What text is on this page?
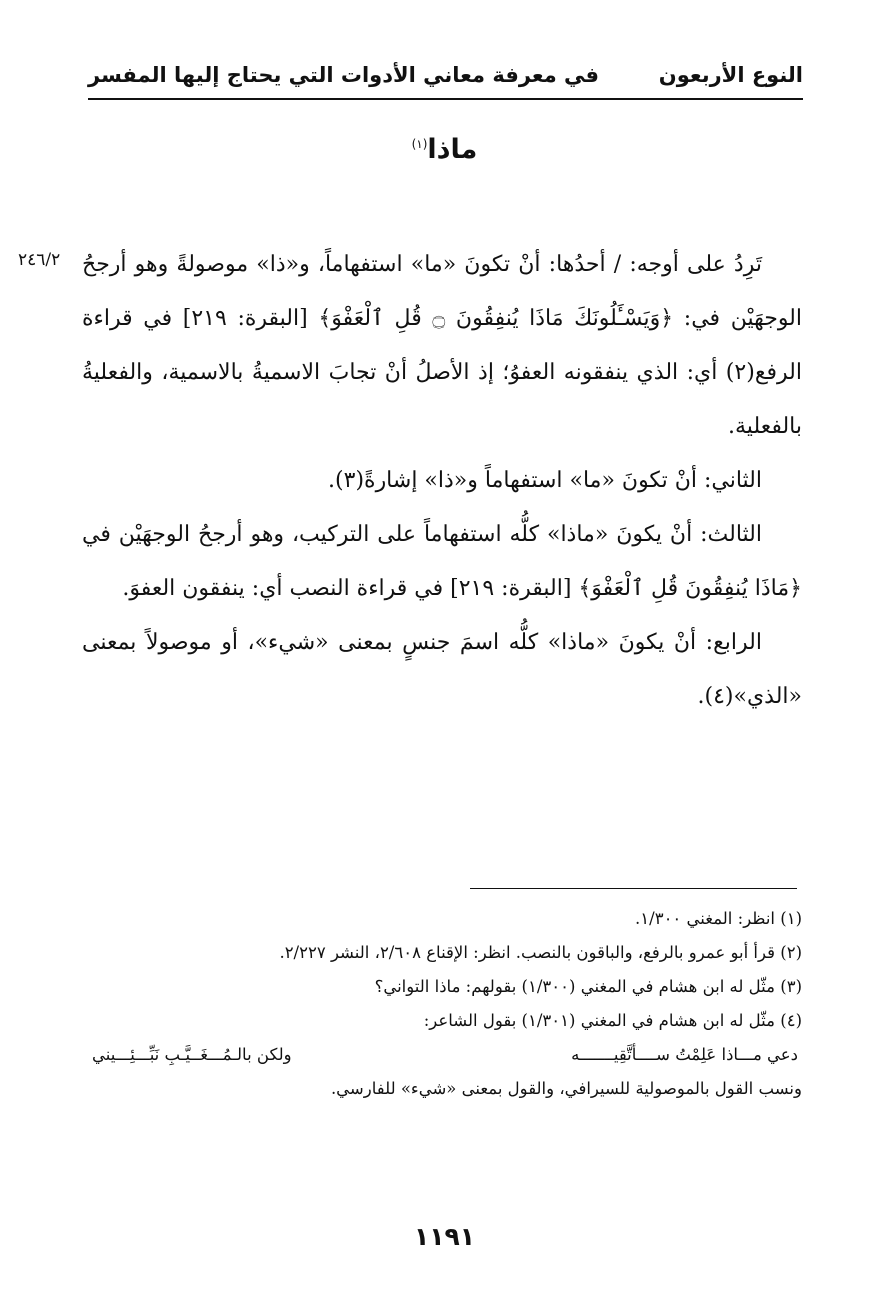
النوع الأربعون
في معرفة معاني الأدوات التي يحتاج إليها المفسر
ماذا$^{(١)}$
٢٤٦/٢ تَرِدُ على أوجه: / أحدُها: أنْ تكونَ «ما» استفهاماً، و«ذا» موصولةً وهو أرجحُ الوجهَيْن في: ﴿وَيَسْـَٔلُونَكَ مَاذَا يُنفِقُونَ ۝ قُلِ ٱلْعَفْوَ﴾ [البقرة: ٢١٩] في قراءة الرفع(٢) أي: الذي ينفقونه العفوُ؛ إذ الأصلُ أنْ تجابَ الاسميةُ بالاسمية، والفعليةُ بالفعلية.

الثاني: أنْ تكونَ «ما» استفهاماً و«ذا» إشارةً(٣).

الثالث: أنْ يكونَ «ماذا» كلُّه استفهاماً على التركيب، وهو أرجحُ الوجهَيْن في ﴿مَاذَا يُنفِقُونَ قُلِ ٱلْعَفْوَ﴾ [البقرة: ٢١٩] في قراءة النصب أي: ينفقون العفوَ.

الرابع: أنْ يكونَ «ماذا» كلُّه اسمَ جنسٍ بمعنى «شيء»، أو موصولاً بمعنى «الذي»(٤).

(١) انظر: المغني ١/٣٠٠.

(٢) قرأ أبو عمرو بالرفع، والباقون بالنصب. انظر: الإقناع ٢/٦٠٨، النشر ٢/٢٢٧.

(٣) مثّل له ابن هشام في المغني (١/٣٠٠) بقولهم: ماذا التواني؟

(٤) مثّل له ابن هشام في المغني (١/٣٠١) بقول الشاعر:

دعي مـــاذا عَلِمْتُ ســــأتَّقِيـــــــه
ولكن بالـمُـــغَــيَّـبِ نَبِّـــئِـــيني

ونسب القول بالموصولية للسيرافي، والقول بمعنى «شيء» للفارسي.

١١٩١
